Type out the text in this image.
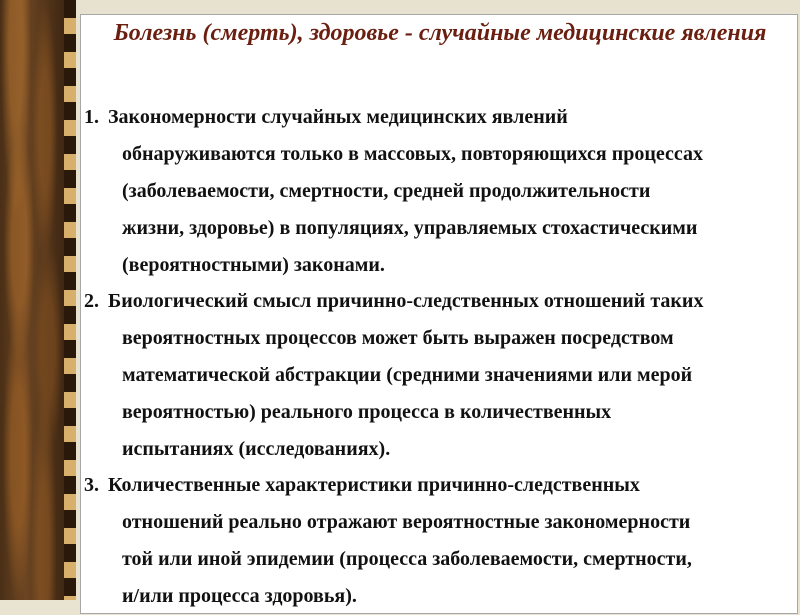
Болезнь (смерть), здоровье - случайные медицинские явления
1. Закономерности случайных медицинских явлений
обнаруживаются только в массовых, повторяющихся процессах
(заболеваемости, смертности, средней продолжительности
жизни, здоровье) в популяциях, управляемых стохастическими
(вероятностными) законами.
2. Биологический смысл причинно-следственных отношений таких
вероятностных процессов может быть выражен посредством
математической абстракции (средними значениями или мерой
вероятностью) реального процесса в количественных
испытаниях (исследованиях).
3. Количественные характеристики причинно-следственных
отношений реально отражают вероятностные закономерности
той или иной эпидемии (процесса заболеваемости, смертности,
и/или процесса здоровья).
